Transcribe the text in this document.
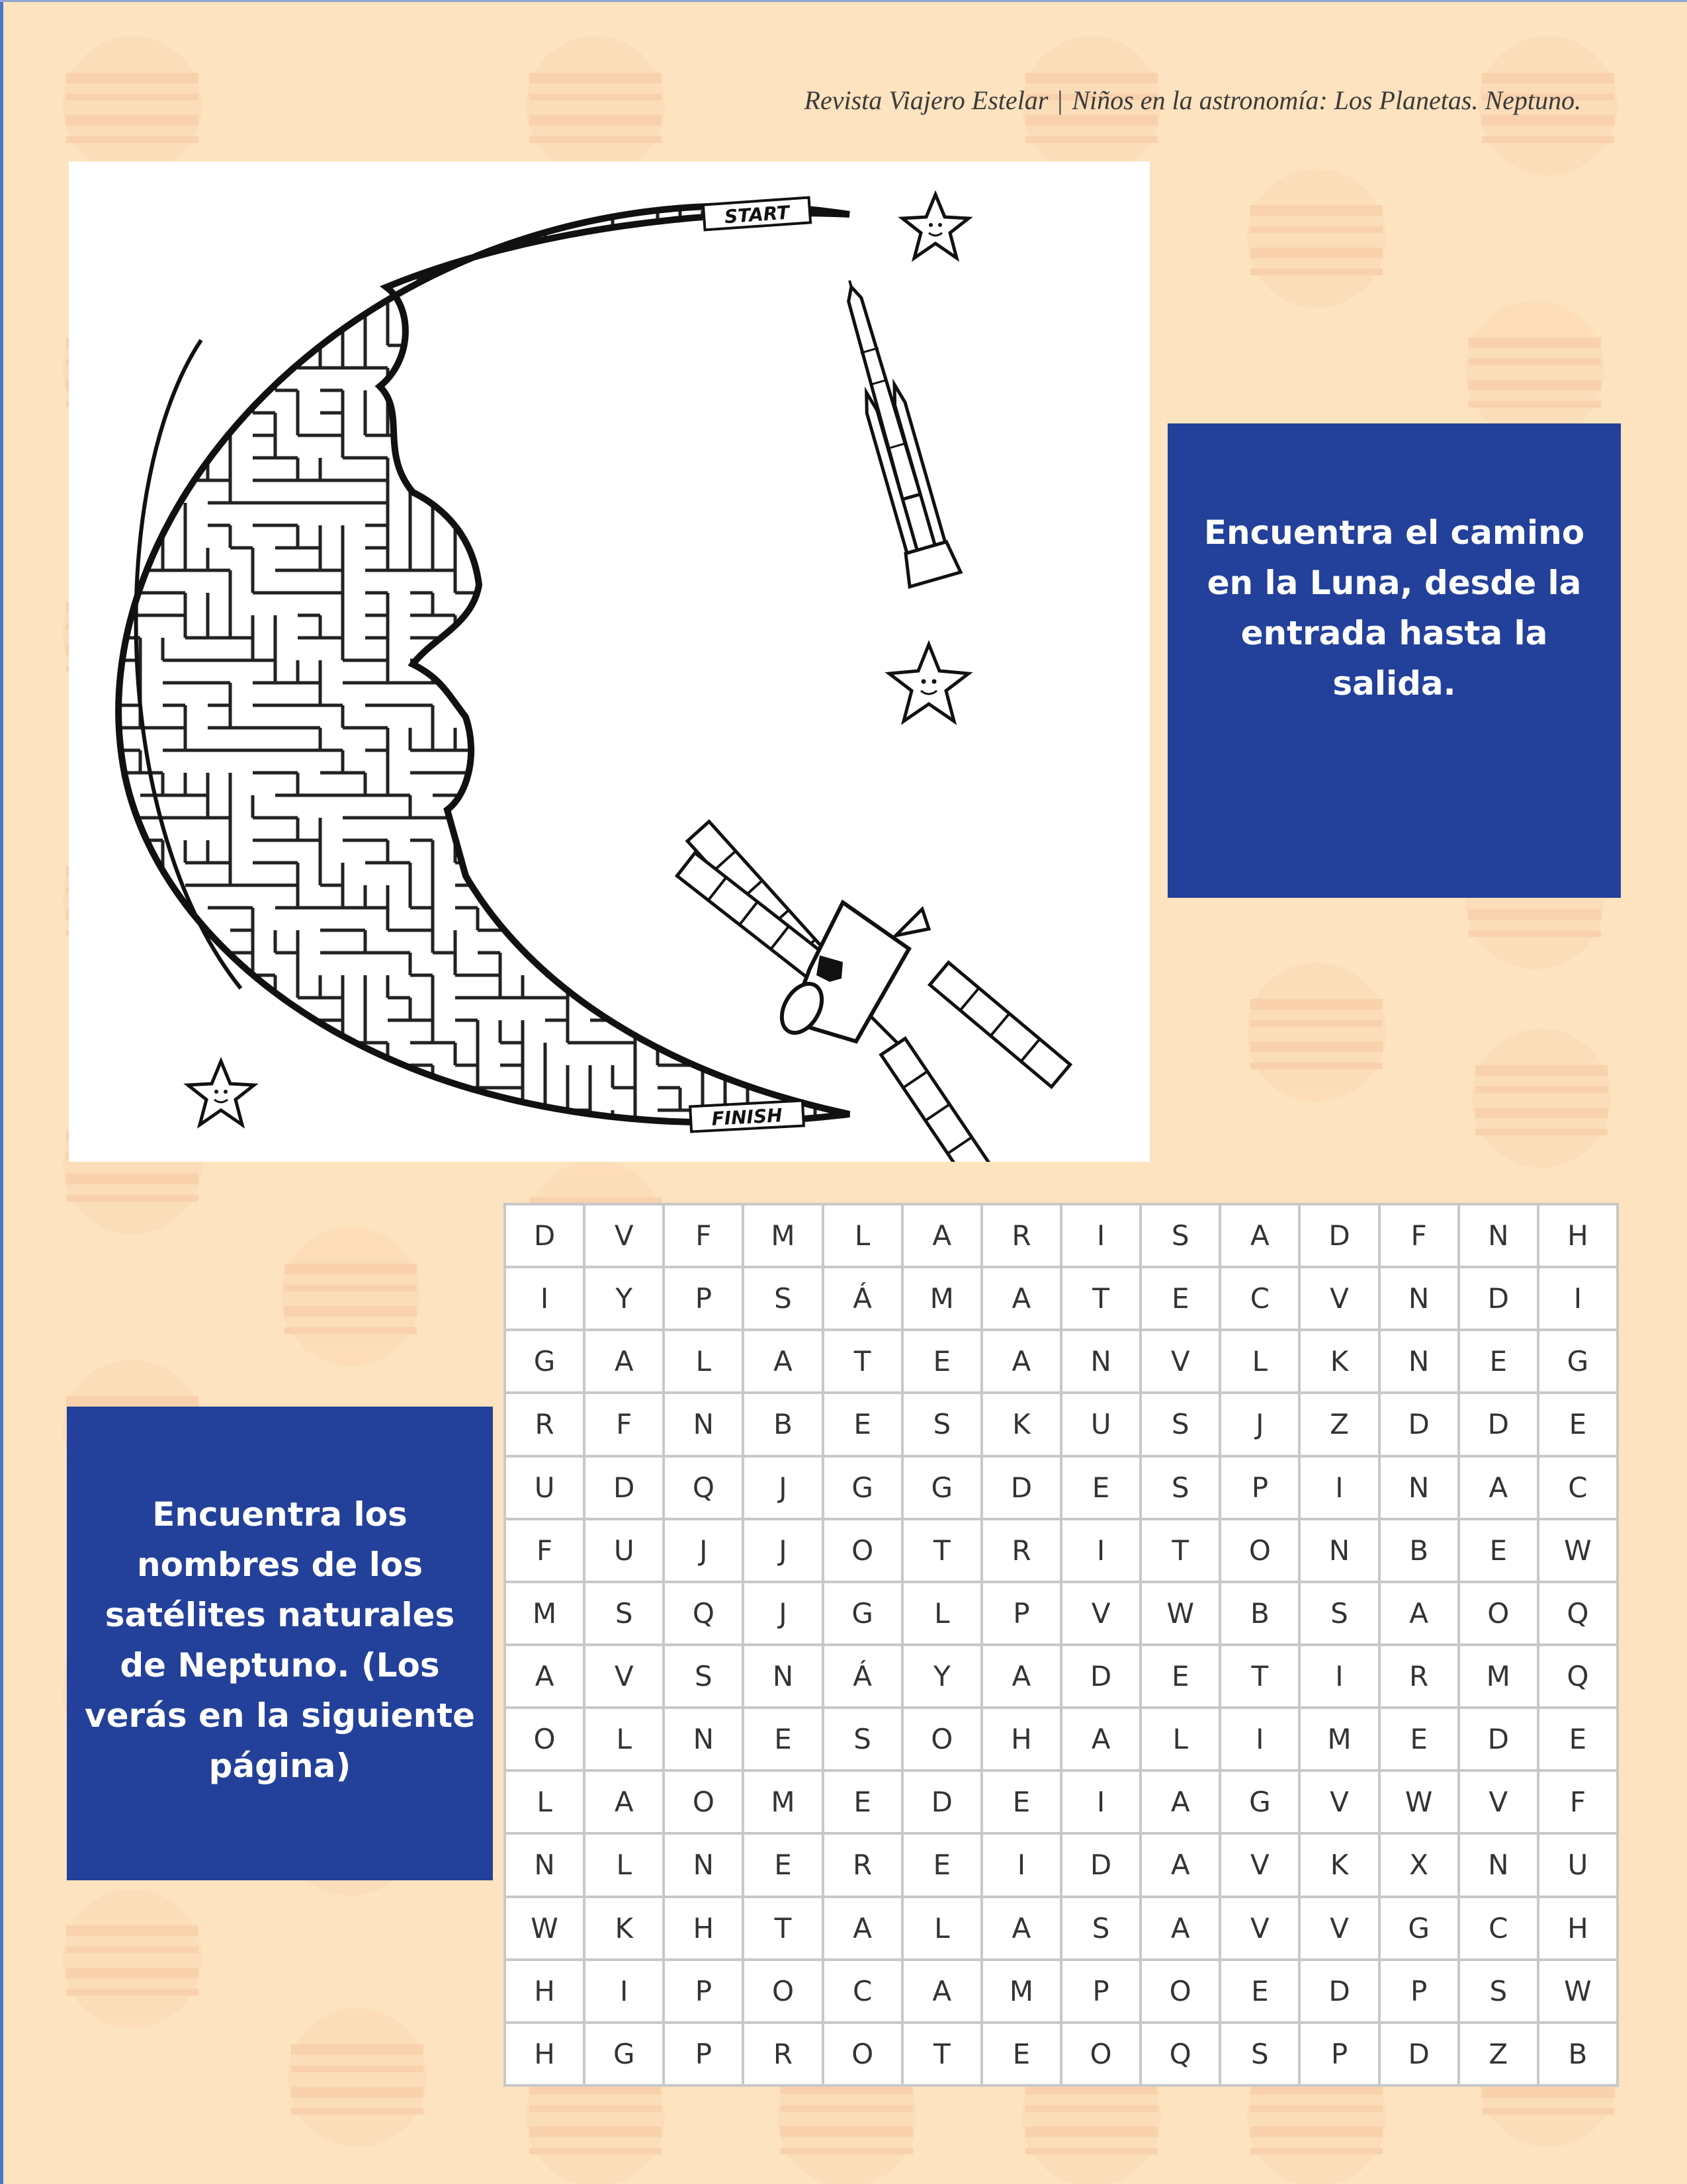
Revista Viajero Estelar | Niños en la astronomía: Los Planetas. Neptuno.
START
FINISH
Encuentra el camino en la Luna, desde la entrada hasta la salida.
Encuentra los nombres de los satélites naturales de Neptuno. (Los verás en la siguiente página)
D	V	F	M	L	A	R	I	S	A	D	F	N	H
I	Y	P	S	Á	M	A	T	E	C	V	N	D	I
G	A	L	A	T	E	A	N	V	L	K	N	E	G
R	F	N	B	E	S	K	U	S	J	Z	D	D	E
U	D	Q	J	G	G	D	E	S	P	I	N	A	C
F	U	J	J	O	T	R	I	T	O	N	B	E	W
M	S	Q	J	G	L	P	V	W	B	S	A	O	Q
A	V	S	N	Á	Y	A	D	E	T	I	R	M	Q
O	L	N	E	S	O	H	A	L	I	M	E	D	E
L	A	O	M	E	D	E	I	A	G	V	W	V	F
N	L	N	E	R	E	I	D	A	V	K	X	N	U
W	K	H	T	A	L	A	S	A	V	V	G	C	H
H	I	P	O	C	A	M	P	O	E	D	P	S	W
H	G	P	R	O	T	E	O	Q	S	P	D	Z	B
